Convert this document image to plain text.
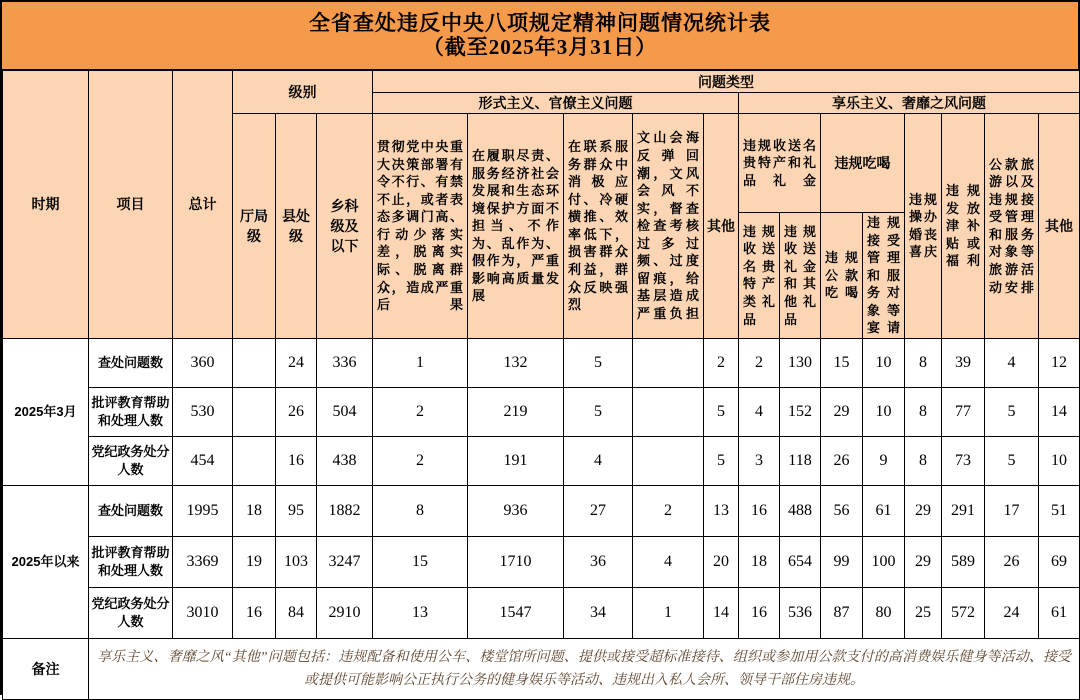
全省查处违反中央八项规定精神问题情况统计表
（截至2025年3月31日）
时期	项目	总计	级别			问题类型												
						形式主义、官僚主义问题					享乐主义、奢靡之风问题							
			厅局级	县处级	乡科级及以下	贯彻党中央重大决策部署有令不行、有禁不止，或者表态多调门高、行动少落实差，脱离实际、脱离群众，造成严重后果	在履职尽责、服务经济社会发展和生态环境保护方面不担当、不作为、乱作为、假作为，严重影响高质量发展	在联系服务群众中消极应付、冷硬横推、效率低下，损害群众利益，群众反映强烈	文山会海反弹回潮，文风会风不实，督查检查考核过多过频、过度留痕，给基层造成严重负担	其他	违规收送名贵特产和礼品礼金		违规吃喝		违规操办婚丧喜庆	违规发放津补贴或福利	公款旅游以及违规接受管理和服务对象等旅游活动安排	其他
											违规收送名贵特产类礼品	违规收送礼金和其他礼品	违规公款吃喝	违规接受管理和服务对象等宴请				
2025年3月	查处问题数	360		24	336	1	132	5		2	2	130	15	10	8	39	4	12
	批评教育帮助和处理人数	530		26	504	2	219	5		5	4	152	29	10	8	77	5	14
	党纪政务处分人数	454		16	438	2	191	4		5	3	118	26	9	8	73	5	10
2025年以来	查处问题数	1995	18	95	1882	8	936	27	2	13	16	488	56	61	29	291	17	51
	批评教育帮助和处理人数	3369	19	103	3247	15	1710	36	4	20	18	654	99	100	29	589	26	69
	党纪政务处分人数	3010	16	84	2910	13	1547	34	1	14	16	536	87	80	25	572	24	61
备注	享乐主义、奢靡之风“其他”问题包括：违规配备和使用公车、楼堂馆所问题、提供或接受超标准接待、组织或参加用公款支付的高消费娱乐健身等活动、接受或提供可能影响公正执行公务的健身娱乐等活动、违规出入私人会所、领导干部住房违规。																	
